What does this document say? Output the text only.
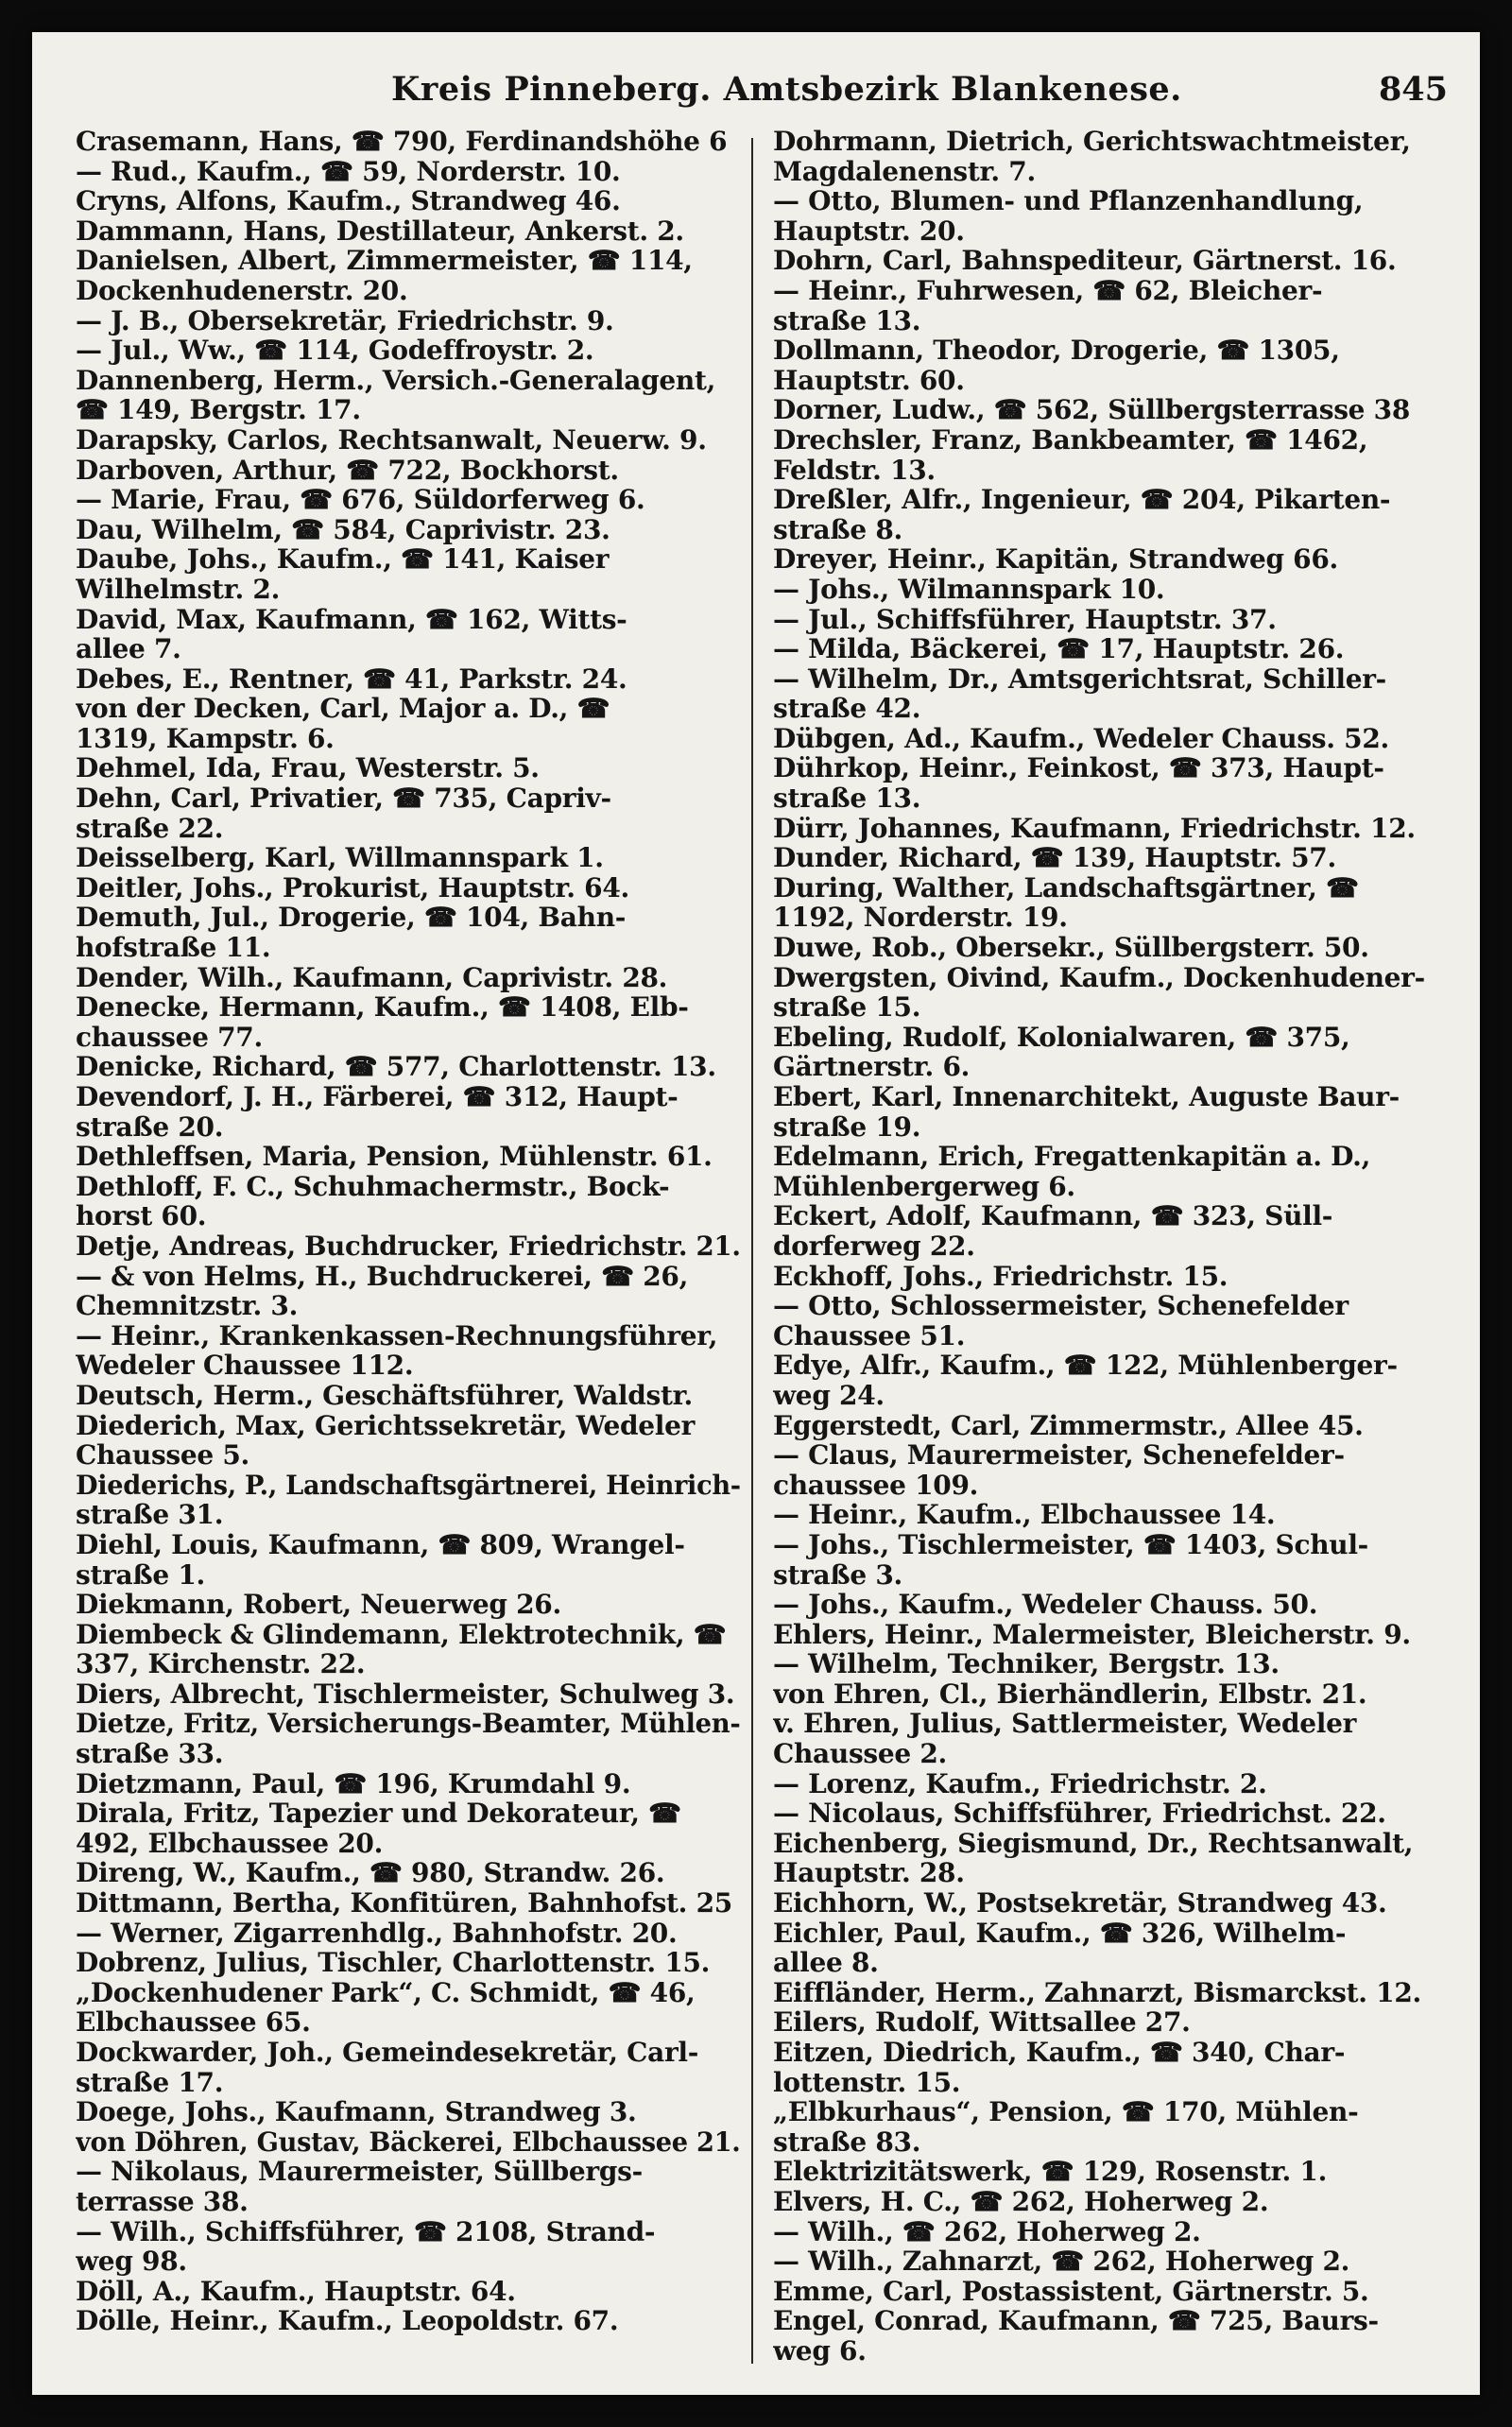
Kreis Pinneberg. Amtsbezirk Blankenese.	845
Crasemann, Hans, ☎ 790, Ferdinandshöhe 6
— Rud., Kaufm., ☎ 59, Norderstr. 10.
Cryns, Alfons, Kaufm., Strandweg 46.
Dammann, Hans, Destillateur, Ankerst. 2.
Danielsen, Albert, Zimmermeister, ☎ 114,
Dockenhudenerstr. 20.
— J. B., Obersekretär, Friedrichstr. 9.
— Jul., Ww., ☎ 114, Godeffroystr. 2.
Dannenberg, Herm., Versich.-Generalagent,
☎ 149, Bergstr. 17.
Darapsky, Carlos, Rechtsanwalt, Neuerw. 9.
Darboven, Arthur, ☎ 722, Bockhorst.
— Marie, Frau, ☎ 676, Süldorferweg 6.
Dau, Wilhelm, ☎ 584, Caprivistr. 23.
Daube, Johs., Kaufm., ☎ 141, Kaiser
Wilhelmstr. 2.
David, Max, Kaufmann, ☎ 162, Witts-
allee 7.
Debes, E., Rentner, ☎ 41, Parkstr. 24.
von der Decken, Carl, Major a. D., ☎
1319, Kampstr. 6.
Dehmel, Ida, Frau, Westerstr. 5.
Dehn, Carl, Privatier, ☎ 735, Capriv-
straße 22.
Deisselberg, Karl, Willmannspark 1.
Deitler, Johs., Prokurist, Hauptstr. 64.
Demuth, Jul., Drogerie, ☎ 104, Bahn-
hofstraße 11.
Dender, Wilh., Kaufmann, Caprivistr. 28.
Denecke, Hermann, Kaufm., ☎ 1408, Elb-
chaussee 77.
Denicke, Richard, ☎ 577, Charlottenstr. 13.
Devendorf, J. H., Färberei, ☎ 312, Haupt-
straße 20.
Dethleffsen, Maria, Pension, Mühlenstr. 61.
Dethloff, F. C., Schuhmachermstr., Bock-
horst 60.
Detje, Andreas, Buchdrucker, Friedrichstr. 21.
— & von Helms, H., Buchdruckerei, ☎ 26,
Chemnitzstr. 3.
— Heinr., Krankenkassen-Rechnungsführer,
Wedeler Chaussee 112.
Deutsch, Herm., Geschäftsführer, Waldstr.
Diederich, Max, Gerichtssekretär, Wedeler
Chaussee 5.
Diederichs, P., Landschaftsgärtnerei, Heinrich-
straße 31.
Diehl, Louis, Kaufmann, ☎ 809, Wrangel-
straße 1.
Diekmann, Robert, Neuerweg 26.
Diembeck & Glindemann, Elektrotechnik, ☎
337, Kirchenstr. 22.
Diers, Albrecht, Tischlermeister, Schulweg 3.
Dietze, Fritz, Versicherungs-Beamter, Mühlen-
straße 33.
Dietzmann, Paul, ☎ 196, Krumdahl 9.
Dirala, Fritz, Tapezier und Dekorateur, ☎
492, Elbchaussee 20.
Direng, W., Kaufm., ☎ 980, Strandw. 26.
Dittmann, Bertha, Konfitüren, Bahnhofst. 25
— Werner, Zigarrenhdlg., Bahnhofstr. 20.
Dobrenz, Julius, Tischler, Charlottenstr. 15.
„Dockenhudener Park“, C. Schmidt, ☎ 46,
Elbchaussee 65.
Dockwarder, Joh., Gemeindesekretär, Carl-
straße 17.
Doege, Johs., Kaufmann, Strandweg 3.
von Döhren, Gustav, Bäckerei, Elbchaussee 21.
— Nikolaus, Maurermeister, Süllbergs-
terrasse 38.
— Wilh., Schiffsführer, ☎ 2108, Strand-
weg 98.
Döll, A., Kaufm., Hauptstr. 64.
Dölle, Heinr., Kaufm., Leopoldstr. 67.
Dohrmann, Dietrich, Gerichtswachtmeister,
Magdalenenstr. 7.
— Otto, Blumen- und Pflanzenhandlung,
Hauptstr. 20.
Dohrn, Carl, Bahnspediteur, Gärtnerst. 16.
— Heinr., Fuhrwesen, ☎ 62, Bleicher-
straße 13.
Dollmann, Theodor, Drogerie, ☎ 1305,
Hauptstr. 60.
Dorner, Ludw., ☎ 562, Süllbergsterrasse 38
Drechsler, Franz, Bankbeamter, ☎ 1462,
Feldstr. 13.
Dreßler, Alfr., Ingenieur, ☎ 204, Pikarten-
straße 8.
Dreyer, Heinr., Kapitän, Strandweg 66.
— Johs., Wilmannspark 10.
— Jul., Schiffsführer, Hauptstr. 37.
— Milda, Bäckerei, ☎ 17, Hauptstr. 26.
— Wilhelm, Dr., Amtsgerichtsrat, Schiller-
straße 42.
Dübgen, Ad., Kaufm., Wedeler Chauss. 52.
Dührkop, Heinr., Feinkost, ☎ 373, Haupt-
straße 13.
Dürr, Johannes, Kaufmann, Friedrichstr. 12.
Dunder, Richard, ☎ 139, Hauptstr. 57.
During, Walther, Landschaftsgärtner, ☎
1192, Norderstr. 19.
Duwe, Rob., Obersekr., Süllbergsterr. 50.
Dwergsten, Oivind, Kaufm., Dockenhudener-
straße 15.
Ebeling, Rudolf, Kolonialwaren, ☎ 375,
Gärtnerstr. 6.
Ebert, Karl, Innenarchitekt, Auguste Baur-
straße 19.
Edelmann, Erich, Fregattenkapitän a. D.,
Mühlenbergerweg 6.
Eckert, Adolf, Kaufmann, ☎ 323, Süll-
dorferweg 22.
Eckhoff, Johs., Friedrichstr. 15.
— Otto, Schlossermeister, Schenefelder
Chaussee 51.
Edye, Alfr., Kaufm., ☎ 122, Mühlenberger-
weg 24.
Eggerstedt, Carl, Zimmermstr., Allee 45.
— Claus, Maurermeister, Schenefelder-
chaussee 109.
— Heinr., Kaufm., Elbchaussee 14.
— Johs., Tischlermeister, ☎ 1403, Schul-
straße 3.
— Johs., Kaufm., Wedeler Chauss. 50.
Ehlers, Heinr., Malermeister, Bleicherstr. 9.
— Wilhelm, Techniker, Bergstr. 13.
von Ehren, Cl., Bierhändlerin, Elbstr. 21.
v. Ehren, Julius, Sattlermeister, Wedeler
Chaussee 2.
— Lorenz, Kaufm., Friedrichstr. 2.
— Nicolaus, Schiffsführer, Friedrichst. 22.
Eichenberg, Siegismund, Dr., Rechtsanwalt,
Hauptstr. 28.
Eichhorn, W., Postsekretär, Strandweg 43.
Eichler, Paul, Kaufm., ☎ 326, Wilhelm-
allee 8.
Eiffländer, Herm., Zahnarzt, Bismarckst. 12.
Eilers, Rudolf, Wittsallee 27.
Eitzen, Diedrich, Kaufm., ☎ 340, Char-
lottenstr. 15.
„Elbkurhaus“, Pension, ☎ 170, Mühlen-
straße 83.
Elektrizitätswerk, ☎ 129, Rosenstr. 1.
Elvers, H. C., ☎ 262, Hoherweg 2.
— Wilh., ☎ 262, Hoherweg 2.
— Wilh., Zahnarzt, ☎ 262, Hoherweg 2.
Emme, Carl, Postassistent, Gärtnerstr. 5.
Engel, Conrad, Kaufmann, ☎ 725, Baurs-
weg 6.
